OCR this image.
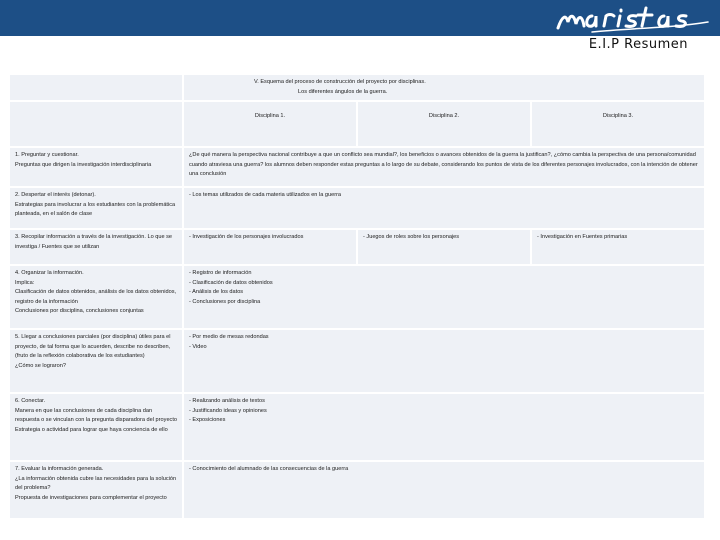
E.I.P Resumen

	V. Esquema del proceso de construcción del proyecto por disciplinas.
Los diferentes ángulos de la guerra.		

	Disciplina 1.	Disciplina 2.	Disciplina 3.

1. Preguntar y cuestionar.
Preguntas que dirigen la investigación interdisciplinaria	¿De qué manera la perspectiva nacional contribuye a que un conflicto sea mundial?, los beneficios o avances obtenidos de la guerra la justifican?, ¿cómo cambia la perspectiva de una persona/comunidad cuando atraviesa una guerra? los alumnos deben responder estas preguntas a lo largo de su debate, considerando los puntos de vista de los diferentes personajes involucrados, con la intención de obtener una conclusión		

2. Despertar el interés (detonar).
Estrategias para involucrar a los estudiantes con la problemática planteada, en el salón de clase	- Los temas utilizados de cada materia utilizados en la guerra		

3. Recopilar información a través de la investigación. Lo que se investiga / Fuentes que se utilizan	- Investigación de los personajes involucrados	- Juegos de roles sobre los personajes	- Investigación en Fuentes primarias

4. Organizar la información.
Implica:
Clasificación de datos obtenidos, análisis de los datos obtenidos, registro de la información
Conclusiones por disciplina, conclusiones conjuntas	- Registro de información
- Clasificación de datos obtenidos
- Análisis de los datos
- Conclusiones por disciplina		

5. Llegar a conclusiones parciales (por disciplina) útiles para el proyecto, de tal forma que lo acuerden, describe no describen, (fruto de la reflexión colaborativa de los estudiantes)
¿Cómo se lograron?	- Por medio de mesas redondas
- Video		

6. Conectar.
Manera en que las conclusiones de cada disciplina dan respuesta o se vinculan con la pregunta disparadora del proyecto
Estrategia o actividad para lograr que haya conciencia de ello	- Realizando análisis de textos
- Justificando ideas y opiniones
- Exposiciones		

7. Evaluar la información generada.
¿La información obtenida cubre las necesidades para la solución del problema?
Propuesta de investigaciones para complementar el proyecto	- Conocimiento del alumnado de las consecuencias de la guerra		
